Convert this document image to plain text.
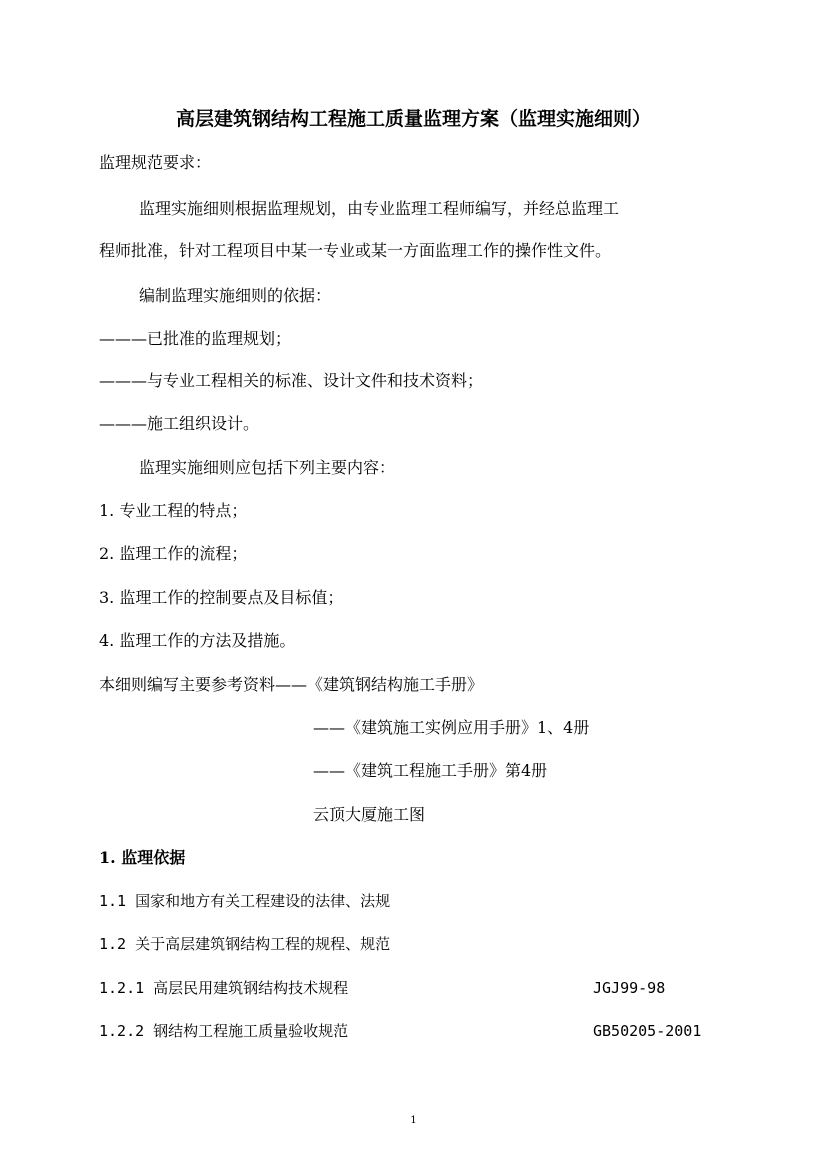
高层建筑钢结构工程施工质量监理方案（监理实施细则）
监理规范要求：
监理实施细则根据监理规划，由专业监理工程师编写，并经总监理工
程师批准，针对工程项目中某一专业或某一方面监理工作的操作性文件。
编制监理实施细则的依据：
———已批准的监理规划；
———与专业工程相关的标准、设计文件和技术资料；
———施工组织设计。
监理实施细则应包括下列主要内容：
1. 专业工程的特点；
2. 监理工作的流程；
3. 监理工作的控制要点及目标值；
4. 监理工作的方法及措施。
本细则编写主要参考资料——《建筑钢结构施工手册》
——《建筑施工实例应用手册》1、4册
——《建筑工程施工手册》第4册
云顶大厦施工图
1. 监理依据
1.1 国家和地方有关工程建设的法律、法规
1.2 关于高层建筑钢结构工程的规程、规范
1.2.1 高层民用建筑钢结构技术规程	JGJ99-98
1.2.2 钢结构工程施工质量验收规范	GB50205-2001
1
